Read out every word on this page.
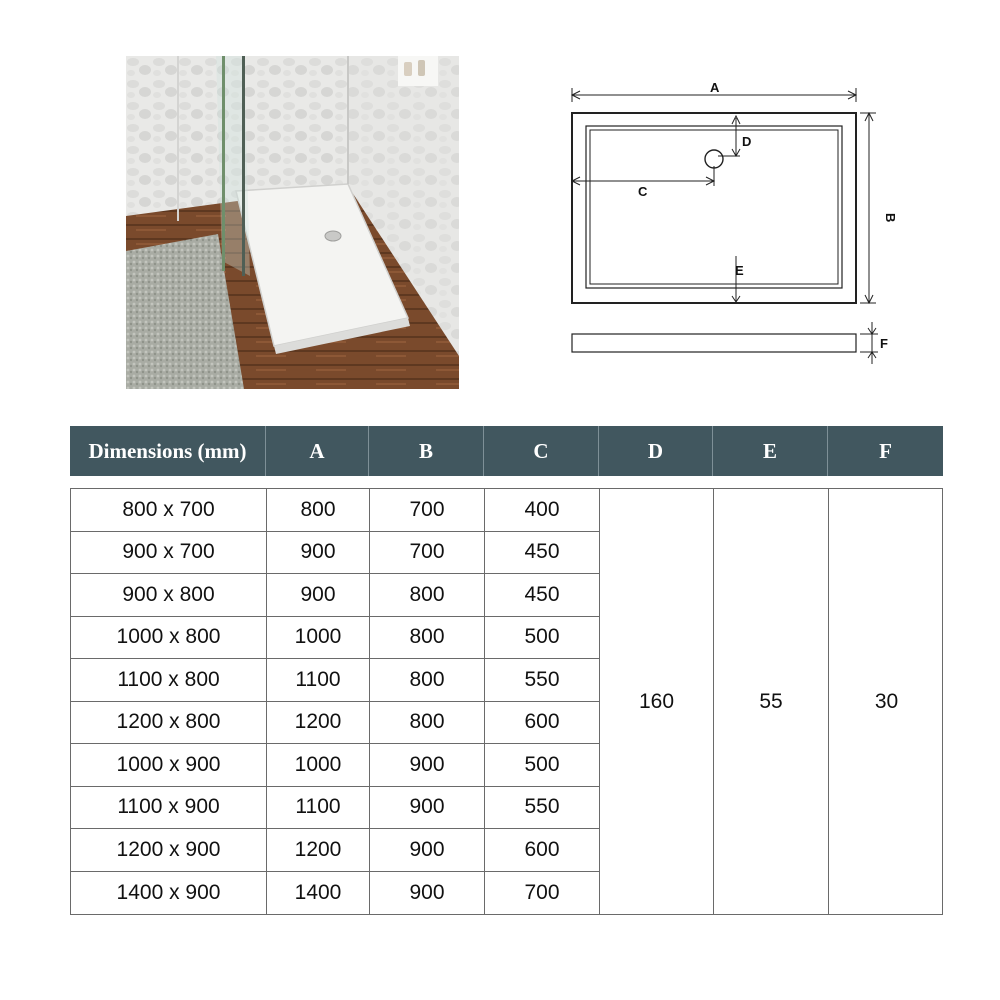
A
D
C
E
B
F
Dimensions (mm)	A	B	C	D	E	F
160	55	30
800 x 700	800	700	400
900 x 700	900	700	450
900 x 800	900	800	450
1000 x 800	1000	800	500
1100 x 800	1100	800	550
1200 x 800	1200	800	600
1000 x 900	1000	900	500
1100 x 900	1100	900	550
1200 x 900	1200	900	600
1400 x 900	1400	900	700
